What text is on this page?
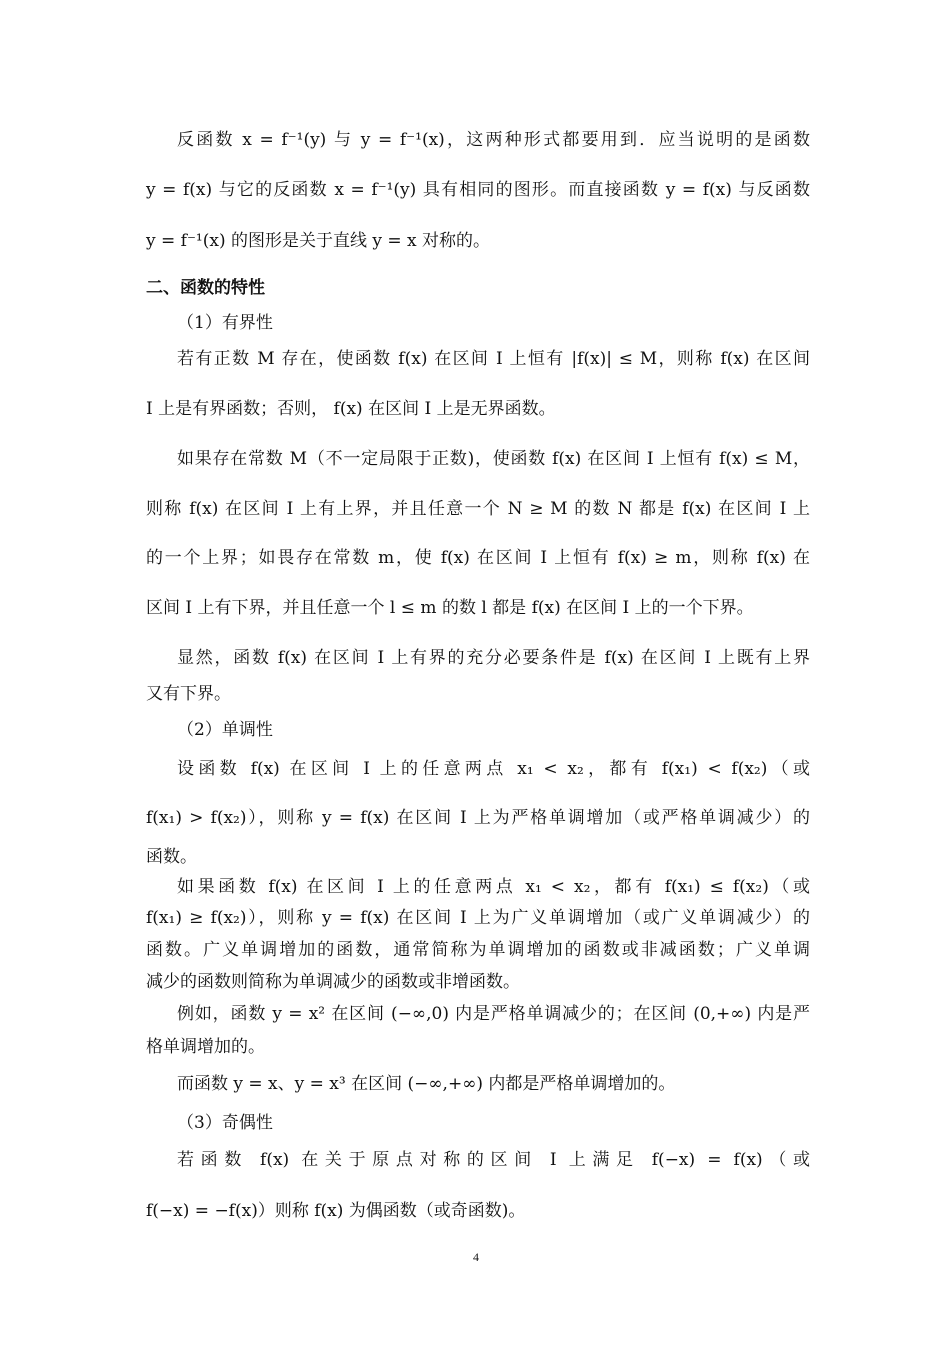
反函数 x = f⁻¹(y) 与 y = f⁻¹(x)，这两种形式都要用到．应当说明的是函数
y = f(x) 与它的反函数 x = f⁻¹(y) 具有相同的图形。而直接函数 y = f(x) 与反函数
y = f⁻¹(x) 的图形是关于直线 y = x 对称的。
二、函数的特性
（1）有界性
若有正数 M 存在，使函数 f(x) 在区间 I 上恒有 |f(x)| ≤ M，则称 f(x) 在区间
I 上是有界函数；否则， f(x) 在区间 I 上是无界函数。
如果存在常数 M（不一定局限于正数)，使函数 f(x) 在区间 I 上恒有 f(x) ≤ M，
则称 f(x) 在区间 I 上有上界，并且任意一个 N ≥ M 的数 N 都是 f(x) 在区间 I 上
的一个上界；如畏存在常数 m，使 f(x) 在区间 I 上恒有 f(x) ≥ m，则称 f(x) 在
区间 I 上有下界，并且任意一个 l ≤ m 的数 l 都是 f(x) 在区间 I 上的一个下界。
显然，函数 f(x) 在区间 I 上有界的充分必要条件是 f(x) 在区间 I 上既有上界
又有下界。
（2）单调性
设函数 f(x) 在区间 I 上的任意两点 x₁ < x₂，都有 f(x₁) < f(x₂)（或
f(x₁) > f(x₂)），则称 y = f(x) 在区间 I 上为严格单调增加（或严格单调减少）的
函数。
如果函数 f(x) 在区间 I 上的任意两点 x₁ < x₂，都有 f(x₁) ≤ f(x₂)（或
f(x₁) ≥ f(x₂)），则称 y = f(x) 在区间 I 上为广义单调增加（或广义单调减少）的
函数。广义单调增加的函数，通常简称为单调增加的函数或非减函数；广义单调
减少的函数则简称为单调减少的函数或非增函数。
例如，函数 y = x² 在区间 (−∞,0) 内是严格单调减少的；在区间 (0,+∞) 内是严
格单调增加的。
而函数 y = x、y = x³ 在区间 (−∞,+∞) 内都是严格单调增加的。
（3）奇偶性
若函数 f(x) 在关于原点对称的区间 I 上满足 f(−x) = f(x)（或
f(−x) = −f(x)）则称 f(x) 为偶函数（或奇函数)。
4
